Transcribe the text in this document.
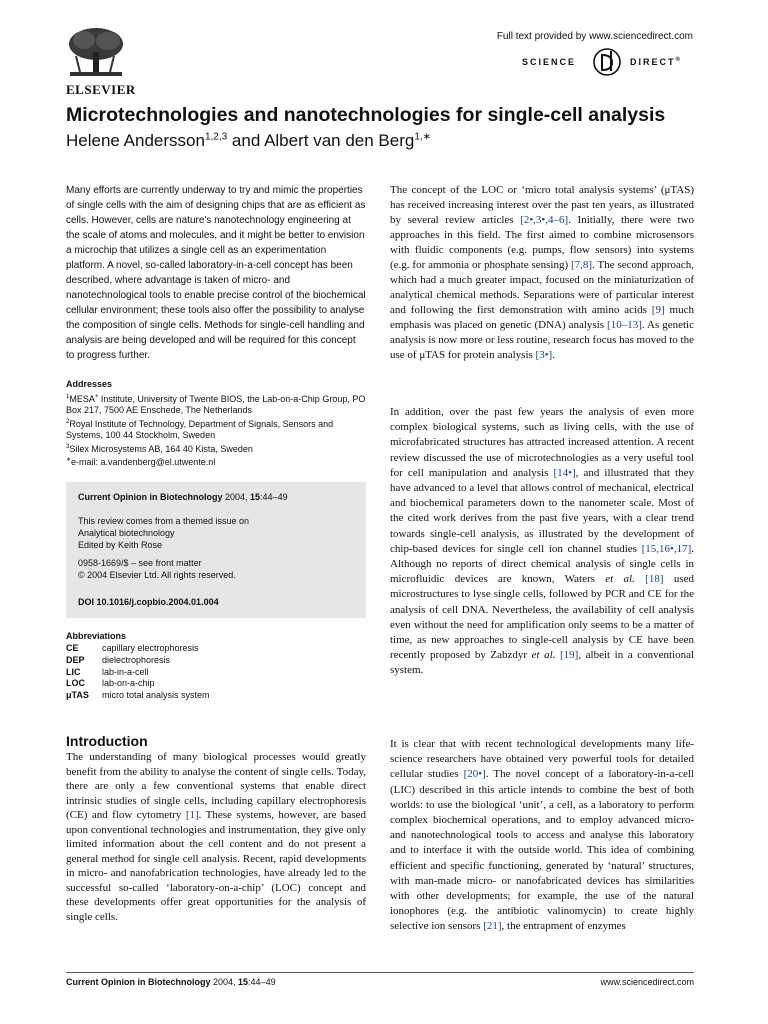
ELSEVIER
Full text provided by www.sciencedirect.com
SCIENCE	DIRECT®
Microtechnologies and nanotechnologies for single-cell analysis
Helene Andersson$^{1,2,3}$ and Albert van den Berg$^{1,∗}$
Many efforts are currently underway to try and mimic the properties of single cells with the aim of designing chips that are as efficient as cells. However, cells are nature's nanotechnology engineering at the scale of atoms and molecules, and it might be better to envision a microchip that utilizes a single cell as an experimentation platform. A novel, so-called laboratory-in-a-cell concept has been described, where advantage is taken of micro- and nanotechnological tools to enable precise control of the biochemical cellular environment; these tools also offer the possibility to analyse the composition of single cells. Methods for single-cell handling and analysis are being developed and will be required for this concept to progress further.
Addresses
$^1$MESA+ Institute, University of Twente BIOS, the Lab-on-a-Chip Group, PO Box 217, 7500 AE Enschede, The Netherlands
$^2$Royal Institute of Technology, Department of Signals, Sensors and Systems, 100 44 Stockholm, Sweden
$^3$Silex Microsystems AB, 164 40 Kista, Sweden
∗e-mail: a.vandenberg@el.utwente.nl
Current Opinion in Biotechnology 2004, 15:44–49
This review comes from a themed issue on
Analytical biotechnology
Edited by Keith Rose
0958-1669/$ – see front matter
© 2004 Elsevier Ltd. All rights reserved.
DOI 10.1016/j.copbio.2004.01.004
Abbreviations
CE	capillary electrophoresis
DEP	dielectrophoresis
LIC	lab-in-a-cell
LOC	lab-on-a-chip
μTAS	micro total analysis system
Introduction
The understanding of many biological processes would greatly benefit from the ability to analyse the content of single cells. Today, there are only a few conventional systems that enable direct intrinsic studies of single cells, including capillary electrophoresis (CE) and flow cytometry [1]. These systems, however, are based upon conventional technologies and instrumentation, they give only limited information about the cell content and do not present a general method for single cell analysis. Recent, rapid developments in micro- and nanofabrication technologies, have already led to the successful so-called ‘laboratory-on-a-chip’ (LOC) concept and these developments offer great opportunities for the analysis of single cells.
The concept of the LOC or ‘micro total analysis systems’ (μTAS) has received increasing interest over the past ten years, as illustrated by several review articles [2•,3•,4–6]. Initially, there were two approaches in this field. The first aimed to combine microsensors with fluidic components (e.g. pumps, flow sensors) into systems (e.g. for ammonia or phosphate sensing) [7,8]. The second approach, which had a much greater impact, focused on the miniaturization of analytical chemical methods. Separations were of particular interest and following the first demonstration with amino acids [9] much emphasis was placed on genetic (DNA) analysis [10–13]. As genetic analysis is now more or less routine, research focus has moved to the use of μTAS for protein analysis [3•].
In addition, over the past few years the analysis of even more complex biological systems, such as living cells, with the use of microfabricated structures has attracted increased attention. A recent review discussed the use of microtechnologies as a very useful tool for cell manipulation and analysis [14•], and illustrated that they have advanced to a level that allows control of mechanical, electrical and biochemical parameters down to the nanometer scale. Most of the cited work derives from the past five years, with a clear trend towards single-cell analysis, as illustrated by the development of chip-based devices for single cell ion channel studies [15,16•,17]. Although no reports of direct chemical analysis of single cells in microfluidic devices are known, Waters et al. [18] used microstructures to lyse single cells, followed by PCR and CE for the analysis of cell DNA. Nevertheless, the availability of cell analysis even without the need for amplification only seems to be a matter of time, as new approaches to single-cell analysis by CE have been recently proposed by Zabzdyr et al. [19], albeit in a conventional system.
It is clear that with recent technological developments many life-science researchers have obtained very powerful tools for detailed cellular studies [20•]. The novel concept of a laboratory-in-a-cell (LIC) described in this article intends to combine the best of both worlds: to use the biological ‘unit’, a cell, as a laboratory to perform complex biochemical operations, and to employ advanced micro- and nanotechnological tools to access and analyse this laboratory and to interface it with the outside world. This idea of combining efficient and specific functioning, generated by ‘natural’ structures, with man-made micro- or nanofabricated devices has similarities with other developments; for example, the use of the natural ionophores (e.g. the antibiotic valinomycin) to create highly selective ion sensors [21], the entrapment of enzymes
Current Opinion in Biotechnology 2004, 15:44–49	www.sciencedirect.com
